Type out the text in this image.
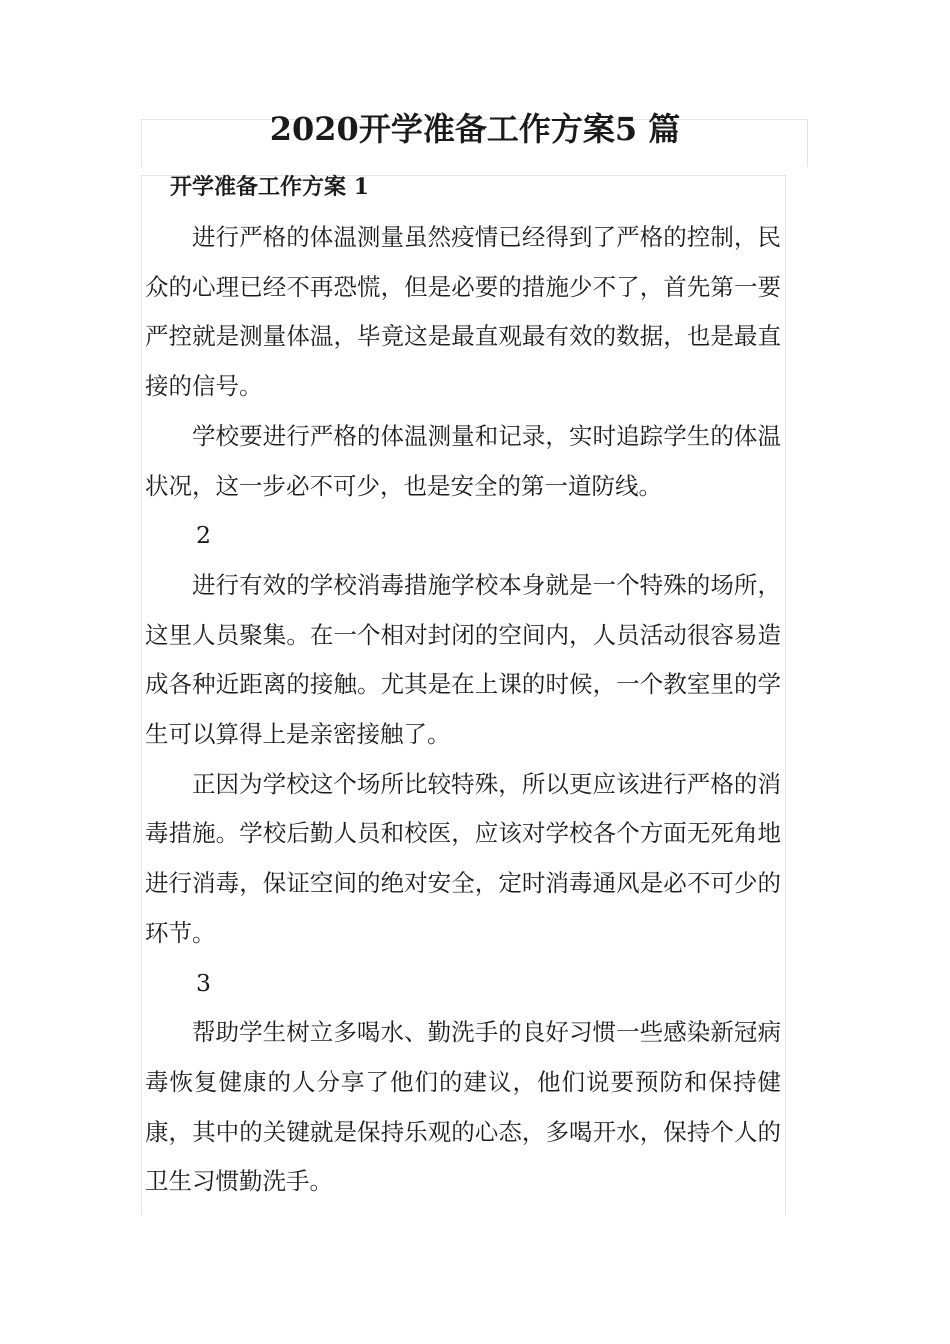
2020开学准备工作方案5 篇
开学准备工作方案 1

进行严格的体温测量虽然疫情已经得到了严格的控制，民众的心理已经不再恐慌，但是必要的措施少不了，首先第一要严控就是测量体温，毕竟这是最直观最有效的数据，也是最直接的信号。

学校要进行严格的体温测量和记录，实时追踪学生的体温状况，这一步必不可少，也是安全的第一道防线。

2

进行有效的学校消毒措施学校本身就是一个特殊的场所，这里人员聚集。在一个相对封闭的空间内，人员活动很容易造成各种近距离的接触。尤其是在上课的时候，一个教室里的学生可以算得上是亲密接触了。

正因为学校这个场所比较特殊，所以更应该进行严格的消毒措施。学校后勤人员和校医，应该对学校各个方面无死角地进行消毒，保证空间的绝对安全，定时消毒通风是必不可少的环节。

3

帮助学生树立多喝水、勤洗手的良好习惯一些感染新冠病毒恢复健康的人分享了他们的建议，他们说要预防和保持健康，其中的关键就是保持乐观的心态，多喝开水，保持个人的卫生习惯勤洗手。
